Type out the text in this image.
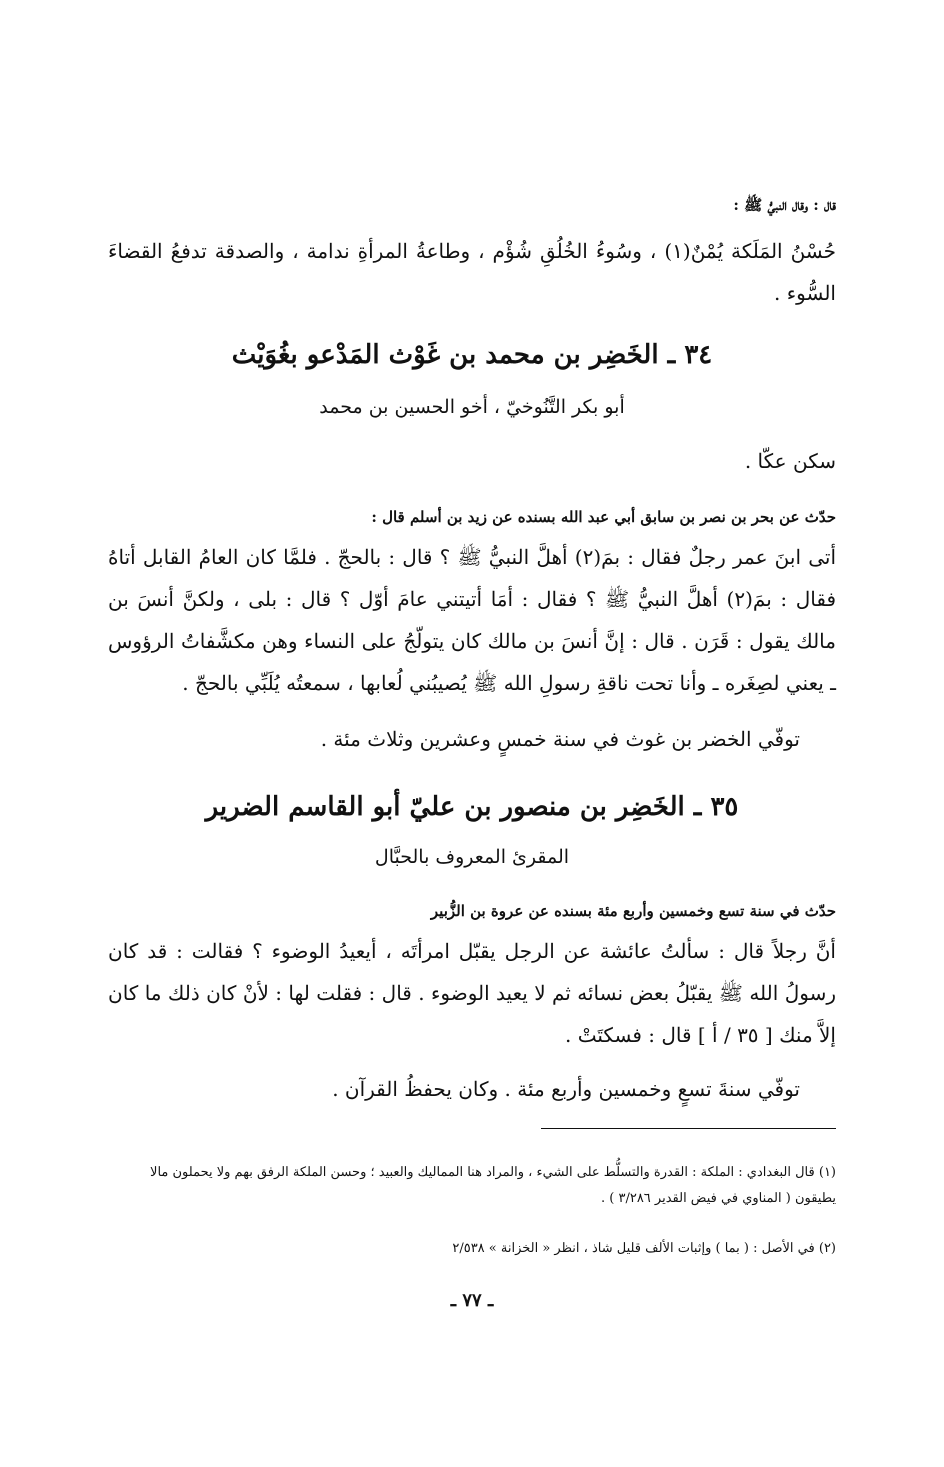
قال : وقال النبيُّ ﷺ :
حُسْنُ المَلَكة يُمْنٌ(١) ، وسُوءُ الخُلُقِ شُؤْم ، وطاعةُ المرأةِ ندامة ، والصدقة تدفعُ القضاءَ السُّوء .
٣٤ ـ الخَضِر بن محمد بن غَوْث المَدْعو بغُوَيْث
أبو بكر التَّنُوخيّ ، أخو الحسين بن محمد
سكن عكّا .
حدّث عن بحر بن نصر بن سابق أبي عبد الله بسنده عن زيد بن أسلم قال :
أتى ابنَ عمر رجلٌ فقال : بمَ(٢) أهلَّ النبيُّ ﷺ ؟ قال : بالحجّ . فلمَّا كان العامُ القابل أتاهُ فقال : بمَ(٢) أهلَّ النبيُّ ﷺ ؟ فقال : أمَا أتيتني عامَ أوّل ؟ قال : بلى ، ولكنَّ أنسَ بن مالك يقول : قَرَن . قال : إنَّ أنسَ بن مالك كان يتولّجُ على النساء وهن مكشَّفاتُ الرؤوس ـ يعني لصِغَره ـ وأنا تحت ناقةِ رسولِ الله ﷺ يُصيبُني لُعابها ، سمعتُه يُلَبِّي بالحجّ .
توفّي الخضر بن غوث في سنة خمسٍ وعشرين وثلاث مئة .
٣٥ ـ الخَضِر بن منصور بن عليّ أبو القاسم الضرير
المقرئ المعروف بالحبَّال
حدّث في سنة تسع وخمسين وأربع مئة بسنده عن عروة بن الزُّبير
أنَّ رجلاً قال : سألتُ عائشة عن الرجل يقبّل امرأتَه ، أيعيدُ الوضوء ؟ فقالت : قد كان رسولُ الله ﷺ يقبّلُ بعض نسائه ثم لا يعيد الوضوء . قال : فقلت لها : لأنْ كان ذلك ما كان إلاَّ منك [ ٣٥ / أ ] قال : فسكتَتْ .
توفّي سنةَ تسعٍ وخمسين وأربع مئة . وكان يحفظُ القرآن .
(١) قال البغدادي : الملكة : القدرة والتسلُّط على الشيء ، والمراد هنا المماليك والعبيد ؛ وحسن الملكة الرفق بهم ولا يحملون مالا يطيقون ( المناوي في فيض القدير ٣/٢٨٦ ) .
(٢) في الأصل : ( بما ) وإثبات الألف قليل شاذ ، انظر « الخزانة » ٢/٥٣٨
ـ ٧٧ ـ
